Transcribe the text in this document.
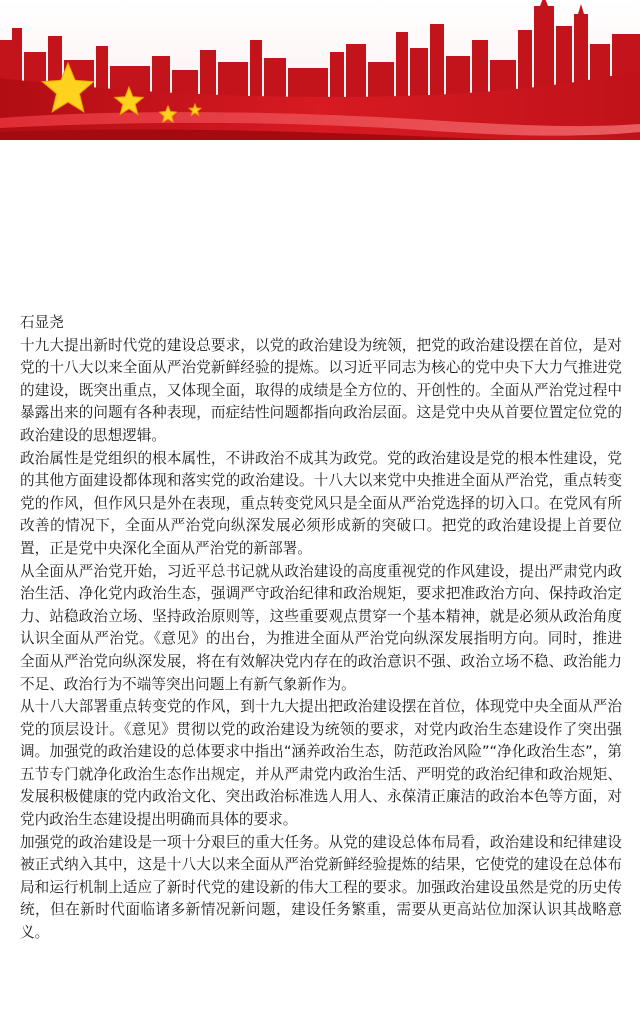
石显尧

十九大提出新时代党的建设总要求，以党的政治建设为统领，把党的政治建设摆在首位，是对党的十八大以来全面从严治党新鲜经验的提炼。以习近平同志为核心的党中央下大力气推进党的建设，既突出重点，又体现全面，取得的成绩是全方位的、开创性的。全面从严治党过程中暴露出来的问题有各种表现，而症结性问题都指向政治层面。这是党中央从首要位置定位党的政治建设的思想逻辑。

政治属性是党组织的根本属性，不讲政治不成其为政党。党的政治建设是党的根本性建设，党的其他方面建设都体现和落实党的政治建设。十八大以来党中央推进全面从严治党，重点转变党的作风，但作风只是外在表现，重点转变党风只是全面从严治党选择的切入口。在党风有所改善的情况下，全面从严治党向纵深发展必须形成新的突破口。把党的政治建设提上首要位置，正是党中央深化全面从严治党的新部署。

从全面从严治党开始，习近平总书记就从政治建设的高度重视党的作风建设，提出严肃党内政治生活、净化党内政治生态，强调严守政治纪律和政治规矩，要求把准政治方向、保持政治定力、站稳政治立场、坚持政治原则等，这些重要观点贯穿一个基本精神，就是必须从政治角度认识全面从严治党。《意见》的出台，为推进全面从严治党向纵深发展指明方向。同时，推进全面从严治党向纵深发展，将在有效解决党内存在的政治意识不强、政治立场不稳、政治能力不足、政治行为不端等突出问题上有新气象新作为。

从十八大部署重点转变党的作风，到十九大提出把政治建设摆在首位，体现党中央全面从严治党的顶层设计。《意见》贯彻以党的政治建设为统领的要求，对党内政治生态建设作了突出强调。加强党的政治建设的总体要求中指出“涵养政治生态，防范政治风险”“净化政治生态”，第五节专门就净化政治生态作出规定，并从严肃党内政治生活、严明党的政治纪律和政治规矩、发展积极健康的党内政治文化、突出政治标准选人用人、永葆清正廉洁的政治本色等方面，对党内政治生态建设提出明确而具体的要求。

加强党的政治建设是一项十分艰巨的重大任务。从党的建设总体布局看，政治建设和纪律建设被正式纳入其中，这是十八大以来全面从严治党新鲜经验提炼的结果，它使党的建设在总体布局和运行机制上适应了新时代党的建设新的伟大工程的要求。加强政治建设虽然是党的历史传统，但在新时代面临诸多新情况新问题，建设任务繁重，需要从更高站位加深认识其战略意义。
